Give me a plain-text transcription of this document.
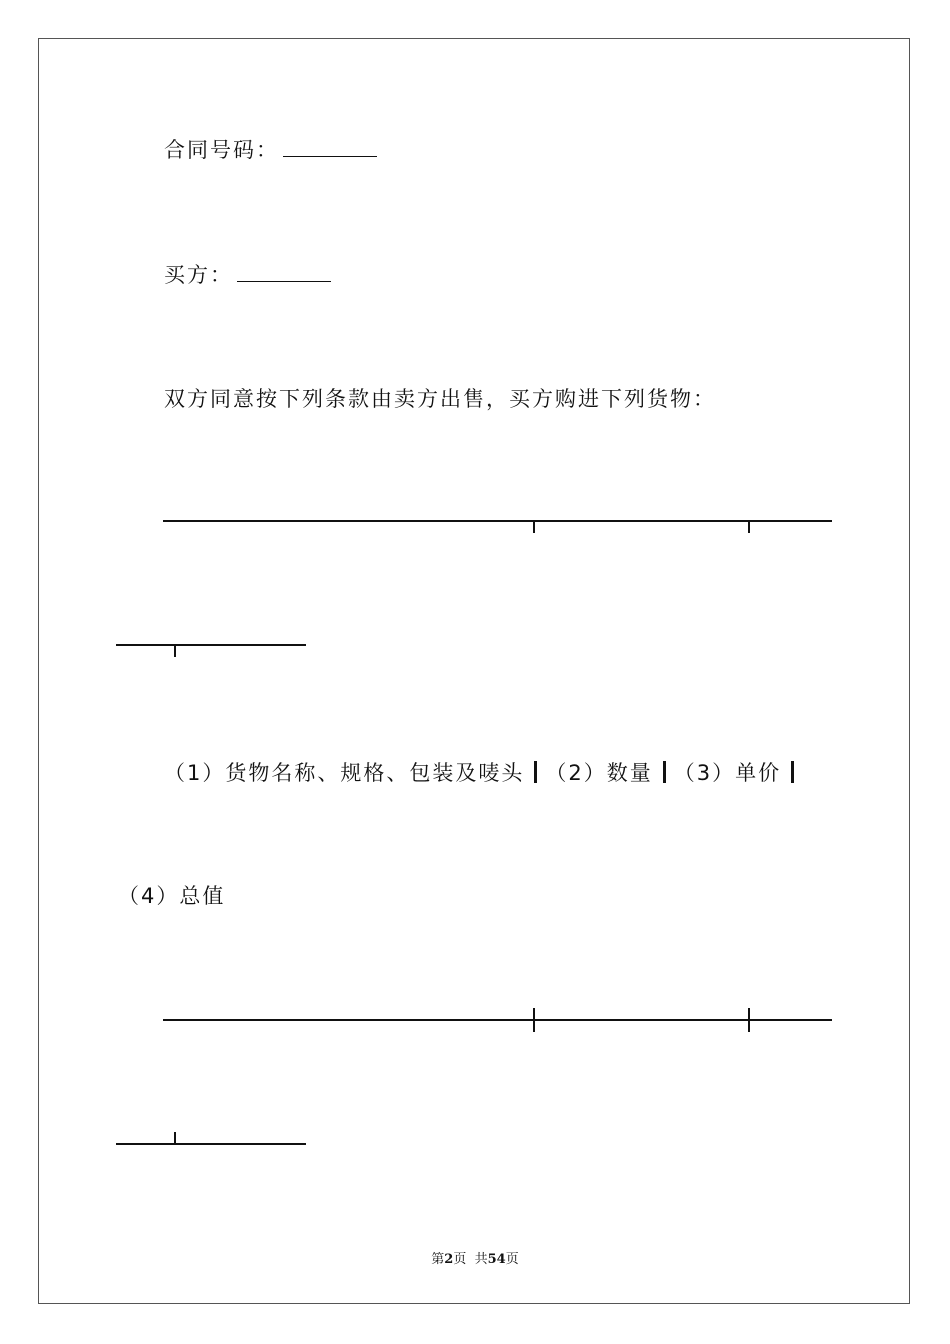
合同号码：
买方：
双方同意按下列条款由卖方出售，买方购进下列货物：
（1）货物名称、规格、包装及唛头 （2）数量 （3）单价
（4）总值
第2页  共54页
